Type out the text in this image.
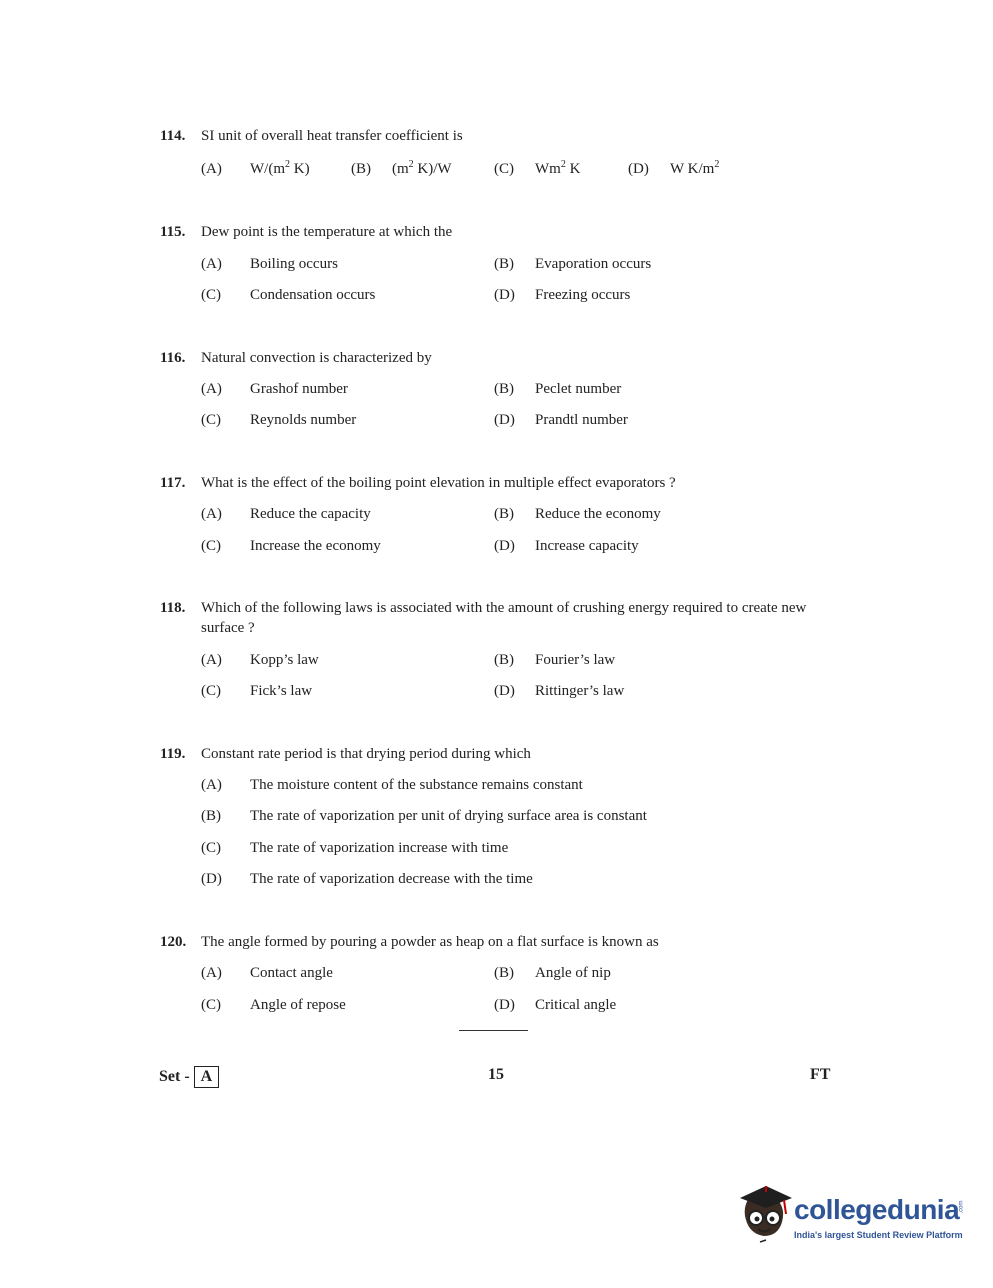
114. SI unit of overall heat transfer coefficient is
(A) $W/(m^2$ K)	(B) ($m^2$ K)/W	(C) Wm$^2$ K	(D) W $K/m^2$
115. Dew point is the temperature at which the
(A) Boiling occurs	(B) Evaporation occurs
(C) Condensation occurs	(D) Freezing occurs
116. Natural convection is characterized by
(A) Grashof number	(B) Peclet number
(C) Reynolds number	(D) Prandtl number
117. What is the effect of the boiling point elevation in multiple effect evaporators ?
(A) Reduce the capacity	(B) Reduce the economy
(C) Increase the economy	(D) Increase capacity
118. Which of the following laws is associated with the amount of crushing energy required to create new surface ?
(A) Kopp’s law	(B) Fourier’s law
(C) Fick’s law	(D) Rittinger’s law
119. Constant rate period is that drying period during which
(A) The moisture content of the substance remains constant
(B) The rate of vaporization per unit of drying surface area is constant
(C) The rate of vaporization increase with time
(D) The rate of vaporization decrease with the time
120. The angle formed by pouring a powder as heap on a flat surface is known as
(A) Contact angle	(B) Angle of nip
(C) Angle of repose	(D) Critical angle
Set - A	15	FT
collegedunia .com
India's largest Student Review Platform
